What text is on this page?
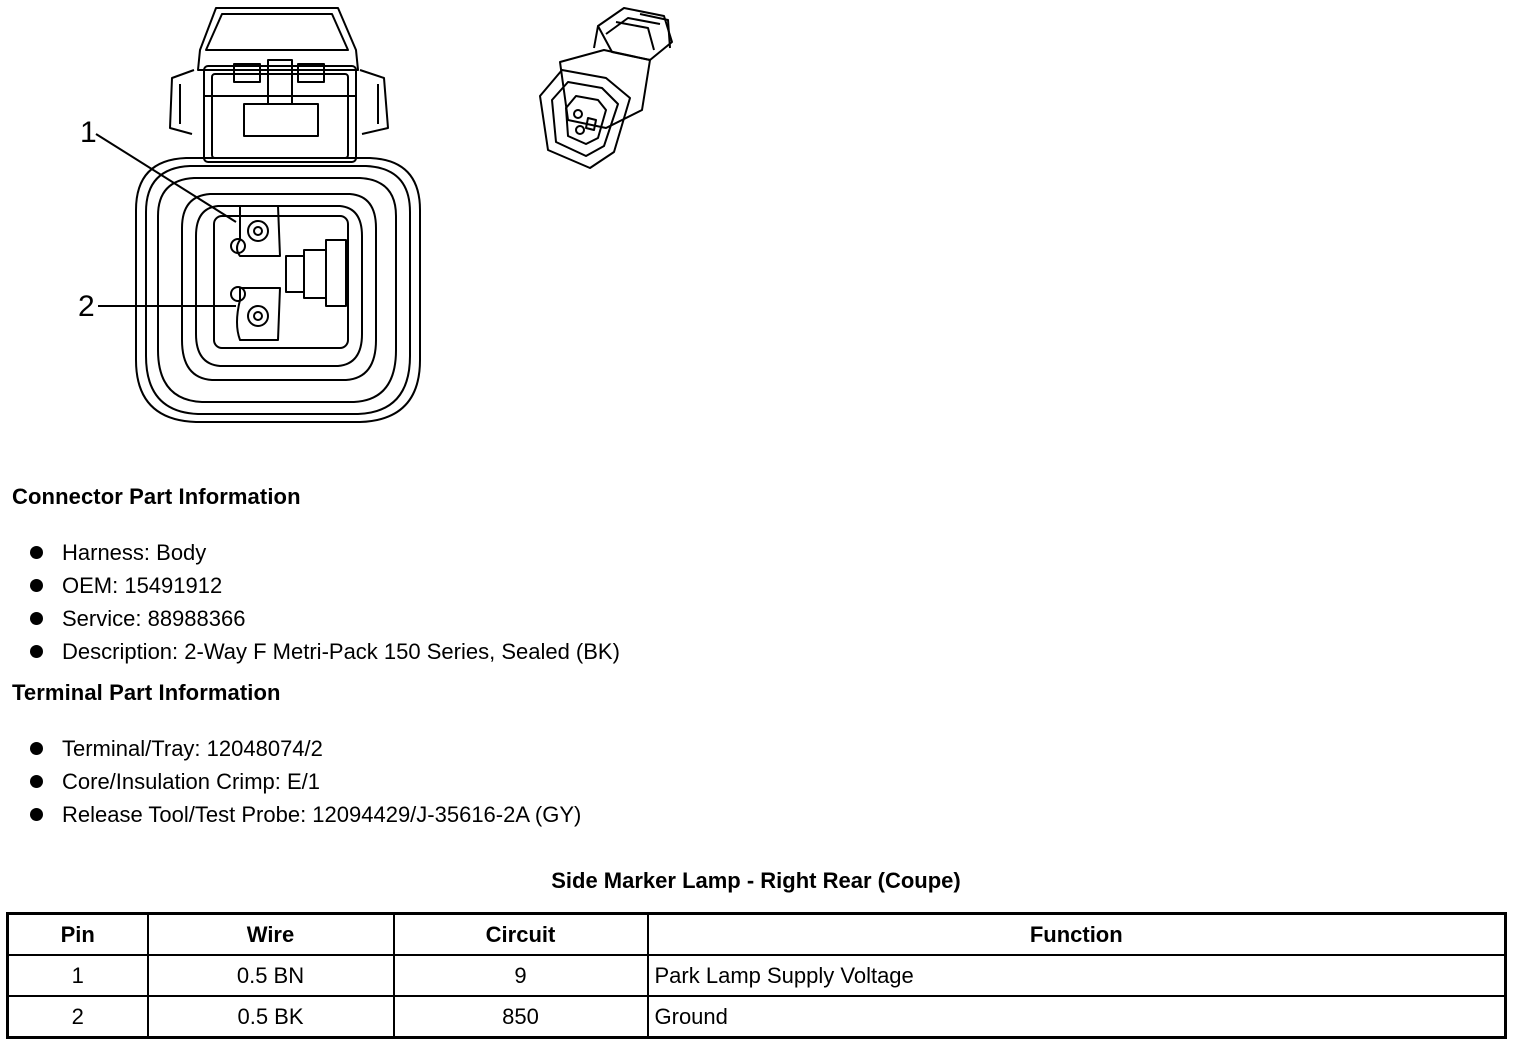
1
2
Connector Part Information
Harness: Body
OEM: 15491912
Service: 88988366
Description: 2-Way F Metri-Pack 150 Series, Sealed (BK)
Terminal Part Information
Terminal/Tray: 12048074/2
Core/Insulation Crimp: E/1
Release Tool/Test Probe: 12094429/J-35616-2A (GY)
Side Marker Lamp - Right Rear (Coupe)
Pin	Wire	Circuit	Function
1	0.5 BN	9	Park Lamp Supply Voltage
2	0.5 BK	850	Ground
